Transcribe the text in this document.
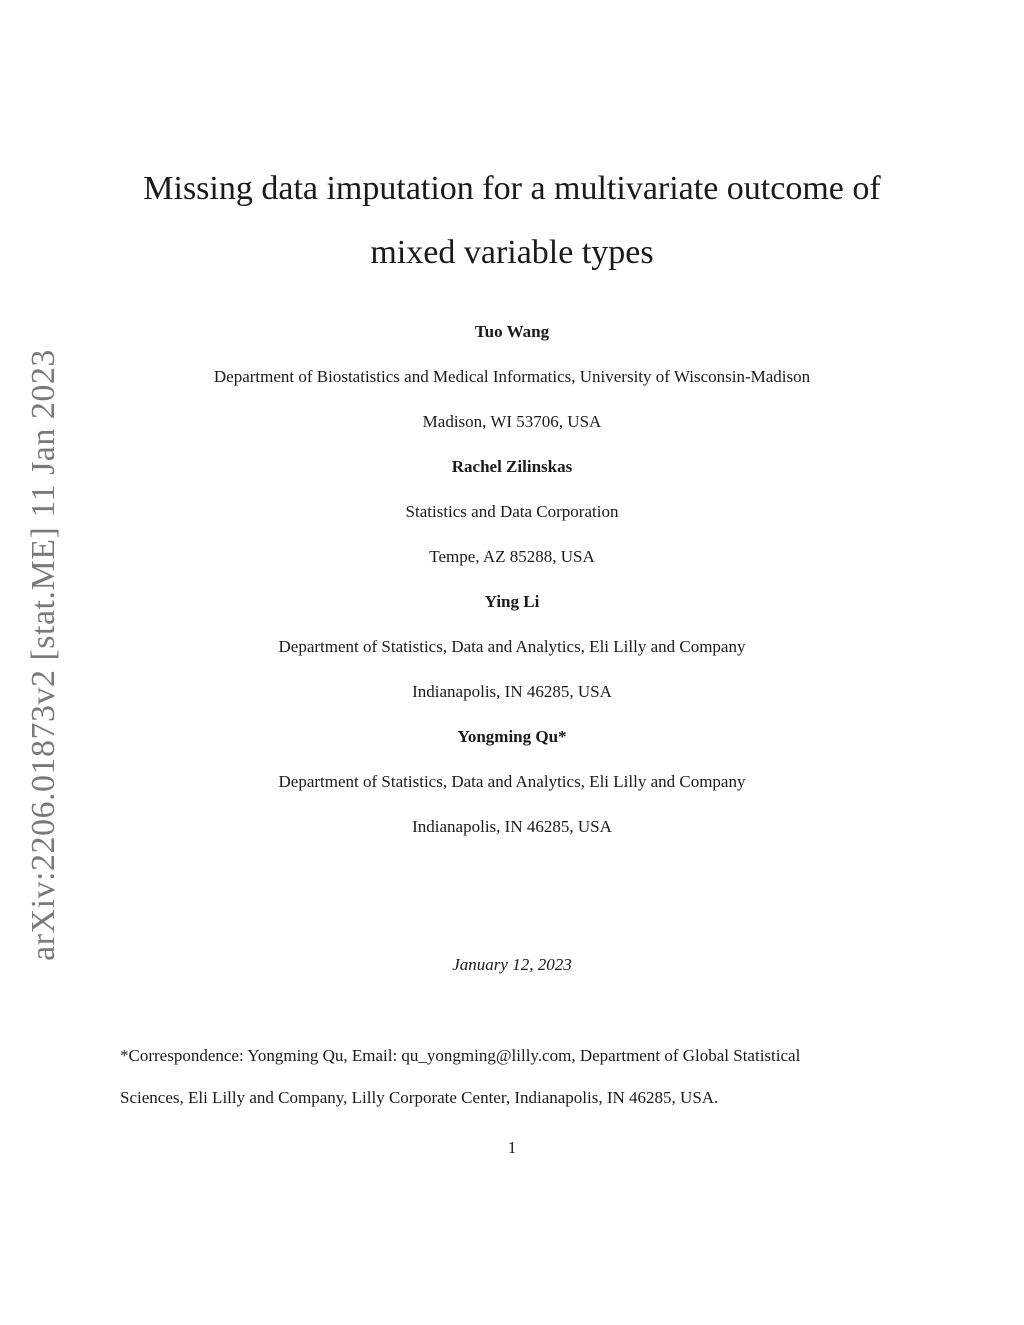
arXiv:2206.01873v2 [stat.ME] 11 Jan 2023
Missing data imputation for a multivariate outcome of
mixed variable types
Tuo Wang
Department of Biostatistics and Medical Informatics, University of Wisconsin-Madison
Madison, WI 53706, USA
Rachel Zilinskas
Statistics and Data Corporation
Tempe, AZ 85288, USA
Ying Li
Department of Statistics, Data and Analytics, Eli Lilly and Company
Indianapolis, IN 46285, USA
Yongming Qu*
Department of Statistics, Data and Analytics, Eli Lilly and Company
Indianapolis, IN 46285, USA
January 12, 2023
*Correspondence: Yongming Qu, Email: qu_yongming@lilly.com, Department of Global Statistical
Sciences, Eli Lilly and Company, Lilly Corporate Center, Indianapolis, IN 46285, USA.
1
